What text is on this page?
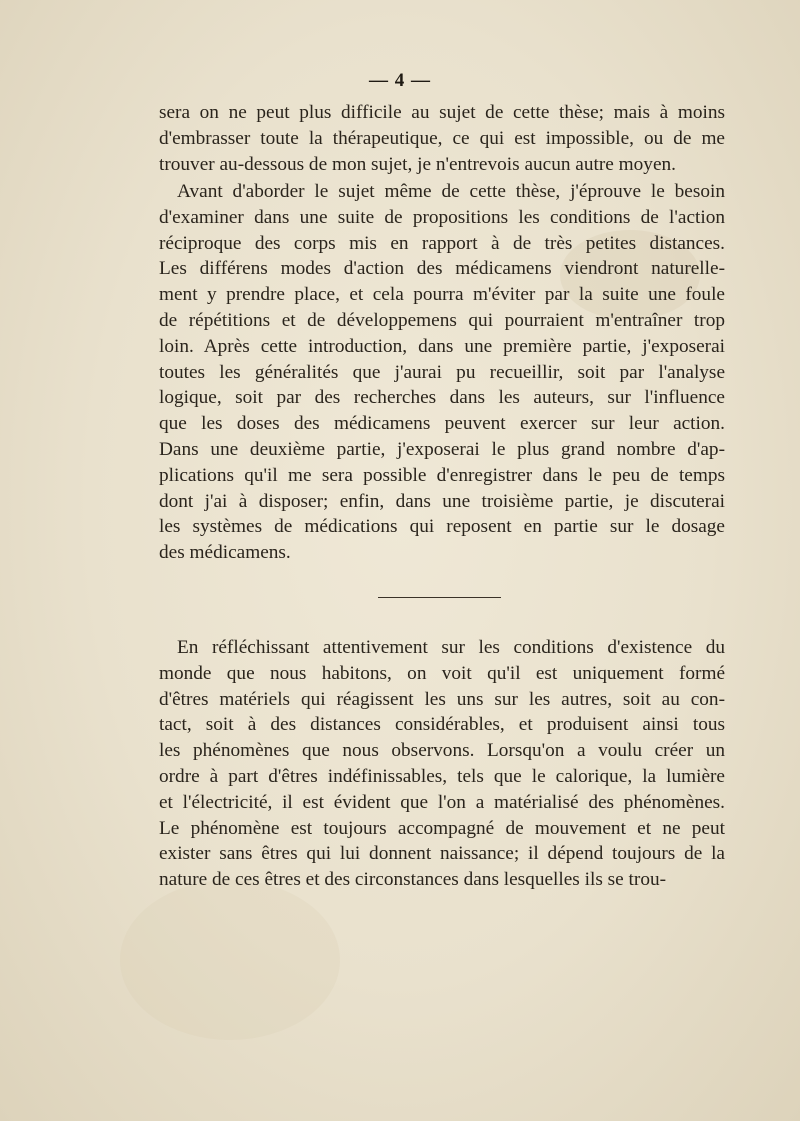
— 4 —
sera on ne peut plus difficile au sujet de cette thèse; mais à moins
d'embrasser toute la thérapeutique, ce qui est impossible, ou de me
trouver au-dessous de mon sujet, je n'entrevois aucun autre moyen.
Avant d'aborder le sujet même de cette thèse, j'éprouve le besoin
d'examiner dans une suite de propositions les conditions de l'action
réciproque des corps mis en rapport à de très petites distances.
Les différens modes d'action des médicamens viendront naturelle-
ment y prendre place, et cela pourra m'éviter par la suite une foule
de répétitions et de développemens qui pourraient m'entraîner trop
loin. Après cette introduction, dans une première partie, j'exposerai
toutes les généralités que j'aurai pu recueillir, soit par l'analyse
logique, soit par des recherches dans les auteurs, sur l'influence
que les doses des médicamens peuvent exercer sur leur action.
Dans une deuxième partie, j'exposerai le plus grand nombre d'ap-
plications qu'il me sera possible d'enregistrer dans le peu de temps
dont j'ai à disposer; enfin, dans une troisième partie, je discuterai
les systèmes de médications qui reposent en partie sur le dosage
des médicamens.
En réfléchissant attentivement sur les conditions d'existence du
monde que nous habitons, on voit qu'il est uniquement formé
d'êtres matériels qui réagissent les uns sur les autres, soit au con-
tact, soit à des distances considérables, et produisent ainsi tous
les phénomènes que nous observons. Lorsqu'on a voulu créer un
ordre à part d'êtres indéfinissables, tels que le calorique, la lumière
et l'électricité, il est évident que l'on a matérialisé des phénomènes.
Le phénomène est toujours accompagné de mouvement et ne peut
exister sans êtres qui lui donnent naissance; il dépend toujours de la
nature de ces êtres et des circonstances dans lesquelles ils se trou-
